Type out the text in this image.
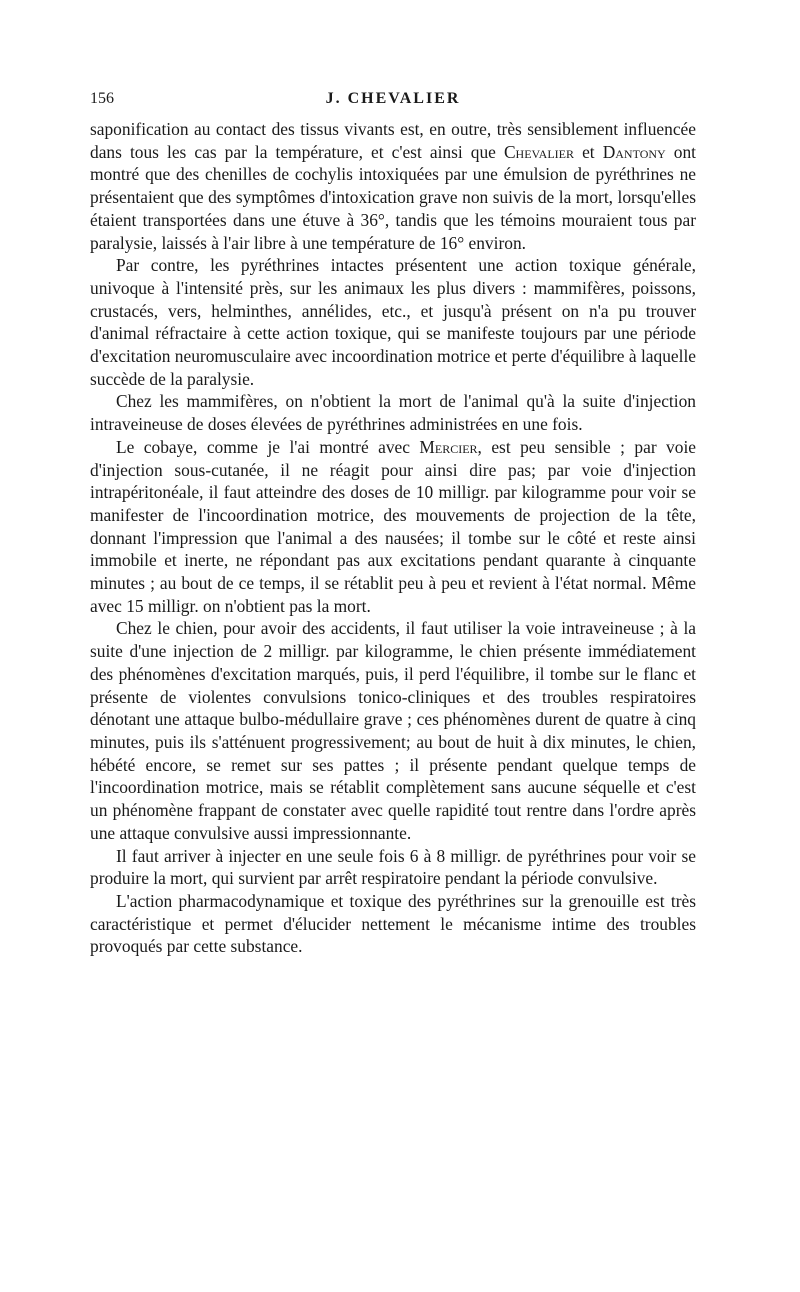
156	J. CHEVALIER

saponification au contact des tissus vivants est, en outre, très sensiblement influencée dans tous les cas par la température, et c'est ainsi que Chevalier et Dantony ont montré que des chenilles de cochylis intoxiquées par une émulsion de pyréthrines ne présentaient que des symptômes d'intoxication grave non suivis de la mort, lorsqu'elles étaient transportées dans une étuve à 36°, tandis que les témoins mouraient tous par paralysie, laissés à l'air libre à une température de 16° environ.

Par contre, les pyréthrines intactes présentent une action toxique générale, univoque à l'intensité près, sur les animaux les plus divers : mammifères, poissons, crustacés, vers, helminthes, annélides, etc., et jusqu'à présent on n'a pu trouver d'animal réfractaire à cette action toxique, qui se manifeste toujours par une période d'excitation neuromusculaire avec incoordination motrice et perte d'équilibre à laquelle succède de la paralysie.

Chez les mammifères, on n'obtient la mort de l'animal qu'à la suite d'injection intraveineuse de doses élevées de pyréthrines administrées en une fois.

Le cobaye, comme je l'ai montré avec Mercier, est peu sensible ; par voie d'injection sous-cutanée, il ne réagit pour ainsi dire pas; par voie d'injection intrapéritonéale, il faut atteindre des doses de 10 milligr. par kilogramme pour voir se manifester de l'incoordination motrice, des mouvements de projection de la tête, donnant l'impression que l'animal a des nausées; il tombe sur le côté et reste ainsi immobile et inerte, ne répondant pas aux excitations pendant quarante à cinquante minutes ; au bout de ce temps, il se rétablit peu à peu et revient à l'état normal. Même avec 15 milligr. on n'obtient pas la mort.

Chez le chien, pour avoir des accidents, il faut utiliser la voie intraveineuse ; à la suite d'une injection de 2 milligr. par kilogramme, le chien présente immédiatement des phénomènes d'excitation marqués, puis, il perd l'équilibre, il tombe sur le flanc et présente de violentes convulsions tonico-cliniques et des troubles respiratoires dénotant une attaque bulbo-médullaire grave ; ces phénomènes durent de quatre à cinq minutes, puis ils s'atténuent progressivement; au bout de huit à dix minutes, le chien, hébété encore, se remet sur ses pattes ; il présente pendant quelque temps de l'incoordination motrice, mais se rétablit complètement sans aucune séquelle et c'est un phénomène frappant de constater avec quelle rapidité tout rentre dans l'ordre après une attaque convulsive aussi impressionnante.

Il faut arriver à injecter en une seule fois 6 à 8 milligr. de pyréthrines pour voir se produire la mort, qui survient par arrêt respiratoire pendant la période convulsive.

L'action pharmacodynamique et toxique des pyréthrines sur la grenouille est très caractéristique et permet d'élucider nettement le mécanisme intime des troubles provoqués par cette substance.
